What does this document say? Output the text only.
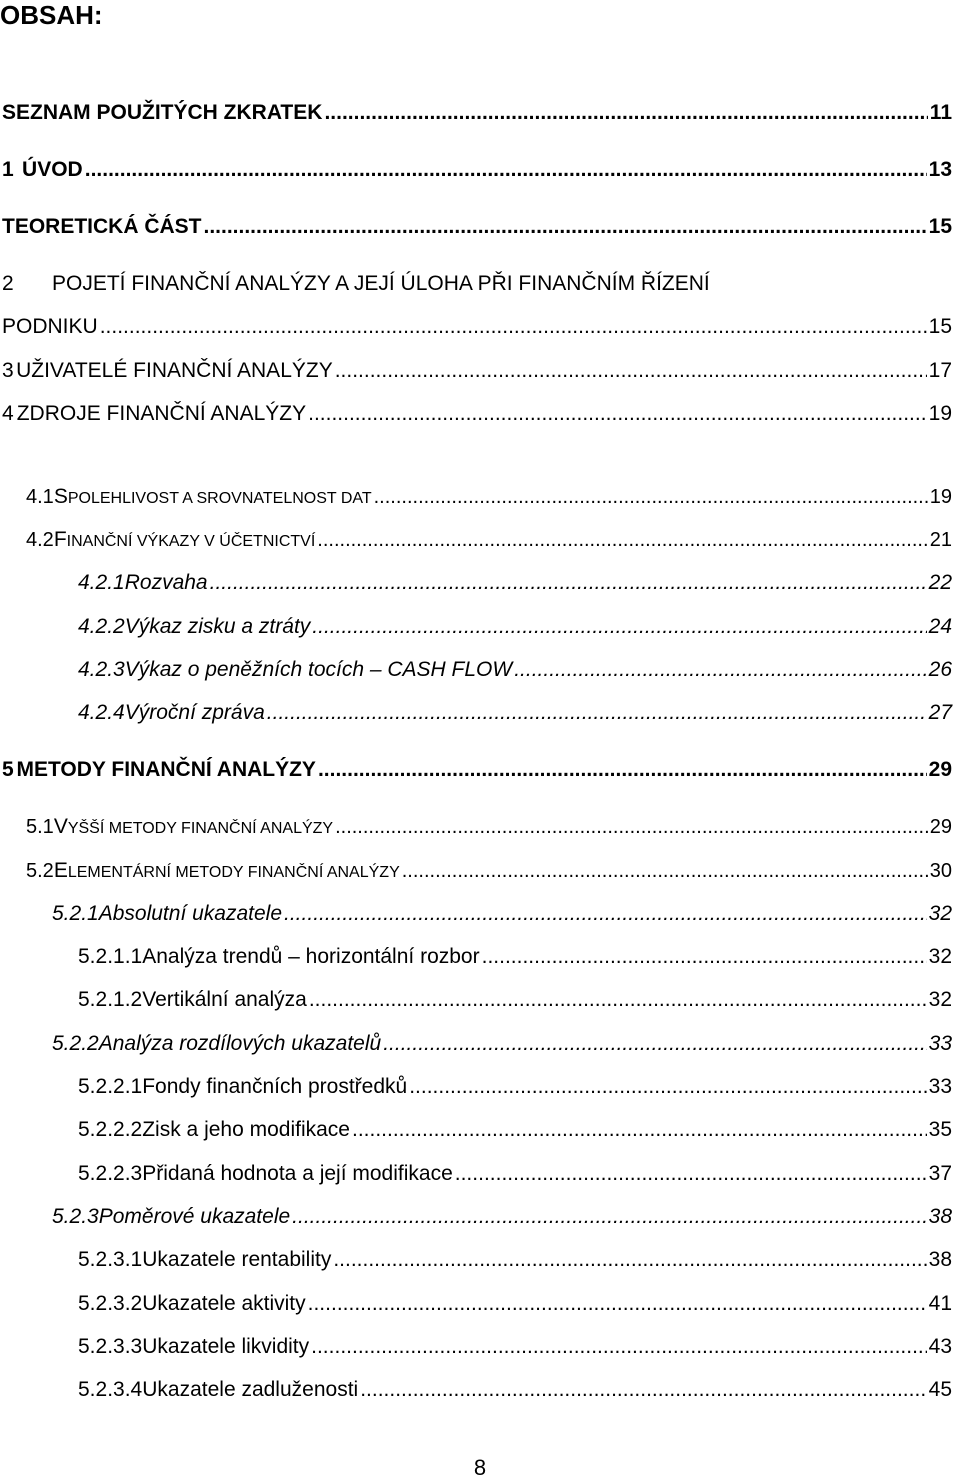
OBSAH:
SEZNAM POUŽITÝCH ZKRATEK .....	11
1 ÚVOD .....	13
TEORETICKÁ ČÁST .....	15
2	POJETÍ FINANČNÍ ANALÝZY A JEJÍ ÚLOHA PŘI FINANČNÍM ŘÍZENÍ
PODNIKU .....	15
3 UŽIVATELÉ FINANČNÍ ANALÝZY .....	17
4 ZDROJE FINANČNÍ ANALÝZY .....	19
4.1 SPOLEHLIVOST A SROVNATELNOST DAT .....	19
4.2 FINANČNÍ VÝKAZY V ÚČETNICTVÍ .....	21
4.2.1 Rozvaha .....	22
4.2.2 Výkaz zisku a ztráty .....	24
4.2.3 Výkaz o peněžních tocích – CASH FLOW .....	26
4.2.4 Výroční zpráva .....	27
5 METODY FINANČNÍ ANALÝZY .....	29
5.1 VYŠŠÍ METODY FINANČNÍ ANALÝZY .....	29
5.2 ELEMENTÁRNÍ METODY FINANČNÍ ANALÝZY .....	30
5.2.1 Absolutní ukazatele .....	32
5.2.1.1 Analýza trendů – horizontální rozbor .....	32
5.2.1.2 Vertikální analýza .....	32
5.2.2 Analýza rozdílových ukazatelů .....	33
5.2.2.1 Fondy finančních prostředků .....	33
5.2.2.2 Zisk a jeho modifikace .....	35
5.2.2.3 Přidaná hodnota a její modifikace .....	37
5.2.3 Poměrové ukazatele .....	38
5.2.3.1 Ukazatele rentability .....	38
5.2.3.2 Ukazatele aktivity .....	41
5.2.3.3 Ukazatele likvidity .....	43
5.2.3.4 Ukazatele zadluženosti .....	45
8
